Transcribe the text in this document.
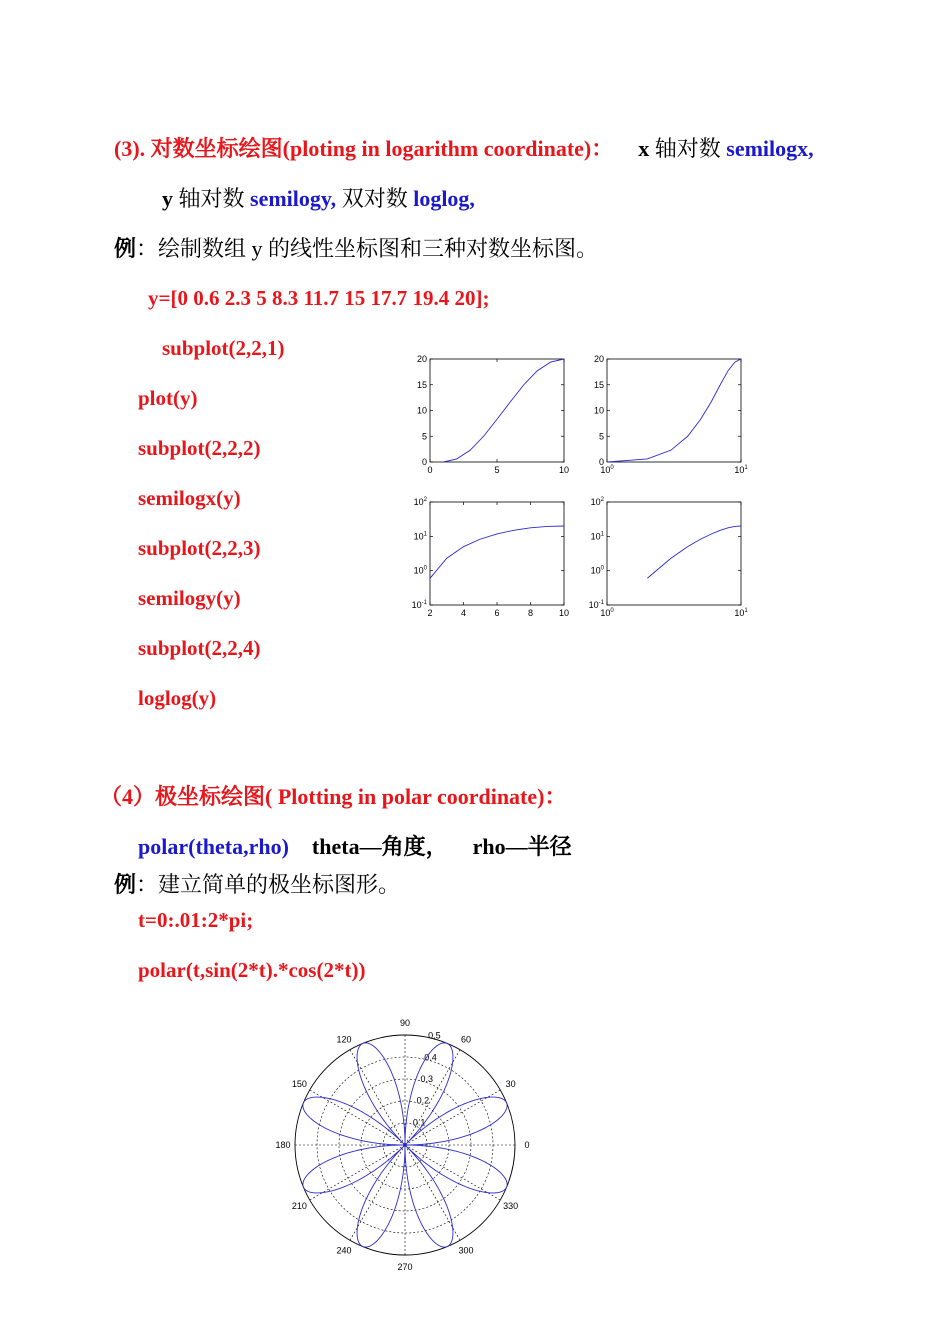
(3). 对数坐标绘图(ploting in logarithm coordinate)： x 轴对数 semilogx,
y 轴对数 semilogy, 双对数 loglog,
例：绘制数组 y 的线性坐标图和三种对数坐标图。
y=[0 0.6 2.3 5 8.3 11.7 15 17.7 19.4 20];
subplot(2,2,1)
plot(y)
subplot(2,2,2)
semilogx(y)
subplot(2,2,3)
semilogy(y)
subplot(2,2,4)
loglog(y)
0
5
10
15
20
0	5	10
0
5
10
15
20
$10^0$	$10^1$
$10^{-1}$
$10^0$
$10^1$
$10^2$
2	4	6	8	10
$10^{-1}$
$10^0$
$10^1$
$10^2$
$10^0$	$10^1$
（4）极坐标绘图( Plotting in polar coordinate)：
polar(theta,rho) theta—角度， rho—半径
例：建立简单的极坐标图形。
t=0:.01:2*pi;
polar(t,sin(2*t).*cos(2*t))
0.1
0.2
0.3
0.4
0.5
0
30
60
90
120
150
180
210
240
270
300
330
